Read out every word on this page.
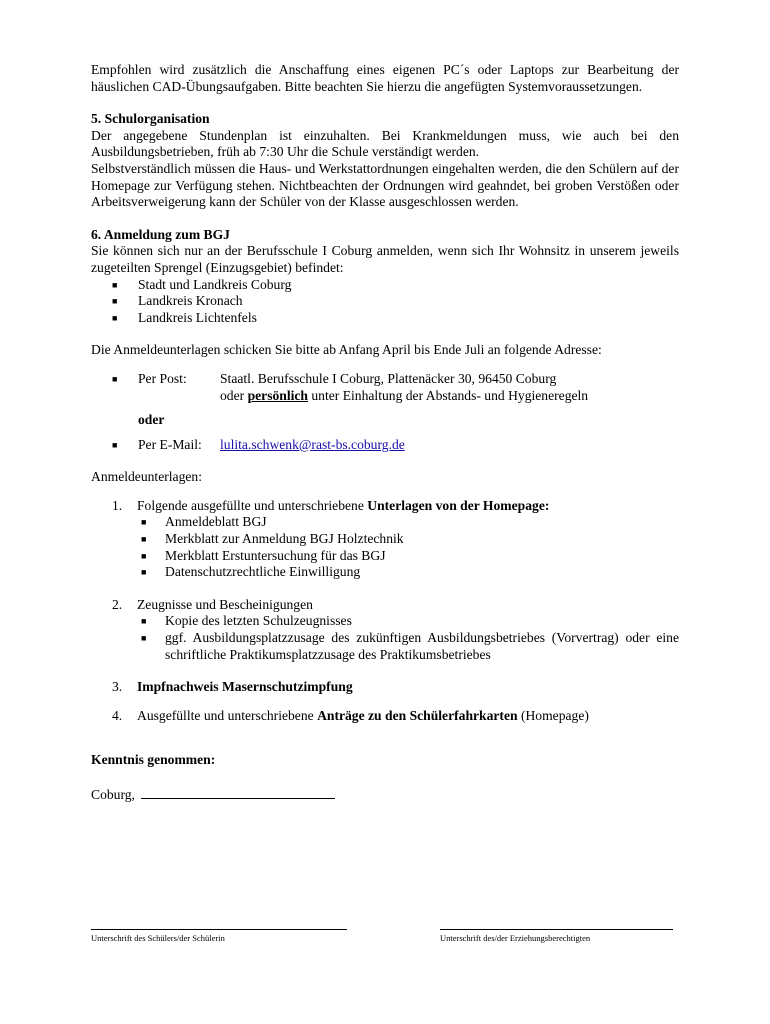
Empfohlen wird zusätzlich die Anschaffung eines eigenen PC´s oder Laptops zur Bearbeitung der häuslichen CAD-Übungsaufgaben. Bitte beachten Sie hierzu die angefügten Systemvoraussetzungen.

5. Schulorganisation

Der angegebene Stundenplan ist einzuhalten. Bei Krankmeldungen muss, wie auch bei den Ausbildungsbetrieben, früh ab 7:30 Uhr die Schule verständigt werden.

Selbstverständlich müssen die Haus- und Werkstattordnungen eingehalten werden, die den Schülern auf der Homepage zur Verfügung stehen. Nichtbeachten der Ordnungen wird geahndet, bei groben Verstößen oder Arbeitsverweigerung kann der Schüler von der Klasse ausgeschlossen werden.

6. Anmeldung zum BGJ

Sie können sich nur an der Berufsschule I Coburg anmelden, wenn sich Ihr Wohnsitz in unserem jeweils zugeteilten Sprengel (Einzugsgebiet) befindet:

■ Stadt und Landkreis Coburg
■ Landkreis Kronach
■ Landkreis Lichtenfels

Die Anmeldeunterlagen schicken Sie bitte ab Anfang April bis Ende Juli an folgende Adresse:

■ Per Post: Staatl. Berufsschule I Coburg, Plattenäcker 30, 96450 Coburg
oder persönlich unter Einhaltung der Abstands- und Hygieneregeln

oder

■ Per E-Mail: lulita.schwenk@rast-bs.coburg.de

Anmeldeunterlagen:

1. Folgende ausgefüllte und unterschriebene Unterlagen von der Homepage:
■ Anmeldeblatt BGJ
■ Merkblatt zur Anmeldung BGJ Holztechnik
■ Merkblatt Erstuntersuchung für das BGJ
■ Datenschutzrechtliche Einwilligung
2. Zeugnisse und Bescheinigungen
■ Kopie des letzten Schulzeugnisses
■ ggf. Ausbildungsplatzzusage des zukünftigen Ausbildungsbetriebes (Vorvertrag) oder eine schriftliche Praktikumsplatzzusage des Praktikumsbetriebes
3. Impfnachweis Masernschutzimpfung
4. Ausgefüllte und unterschriebene Anträge zu den Schülerfahrkarten (Homepage)

Kenntnis genommen:

Coburg,

Unterschrift des Schülers/der Schülerin	Unterschrift des/der Erziehungsberechtigten
